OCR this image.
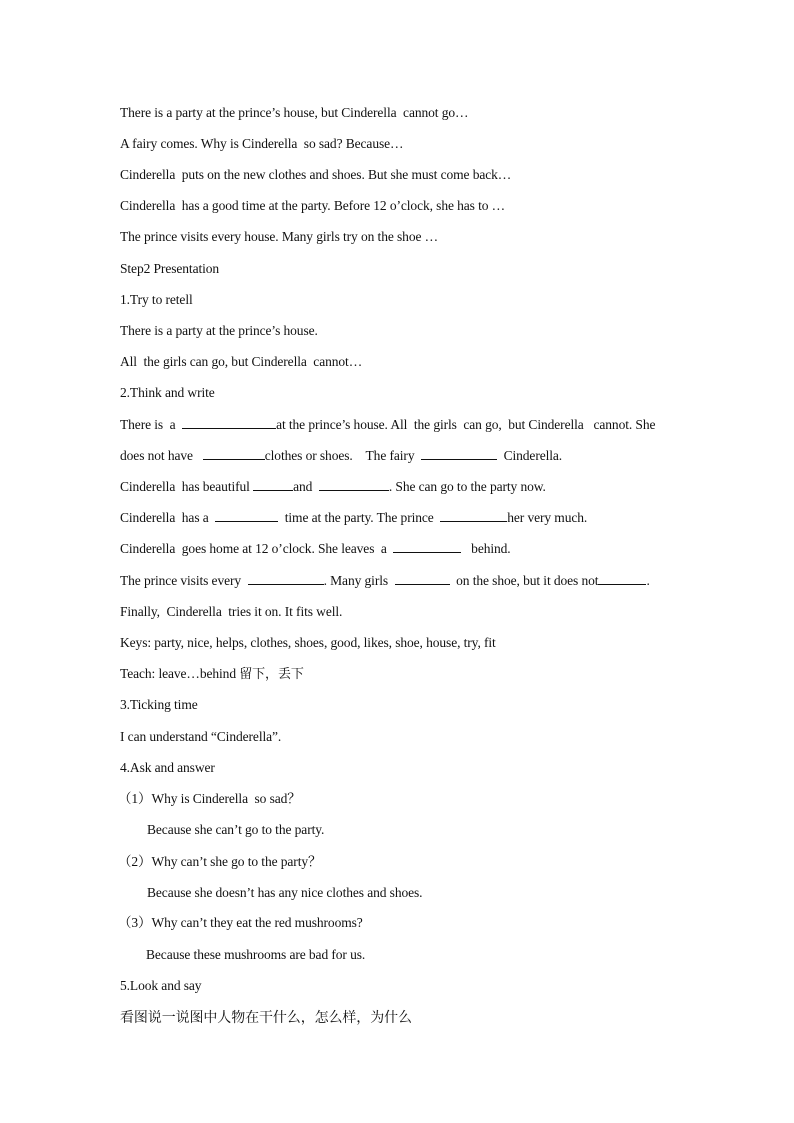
There is a party at the prince’s house, but Cinderella  cannot go…
A fairy comes. Why is Cinderella  so sad? Because…
Cinderella  puts on the new clothes and shoes. But she must come back…
Cinderella  has a good time at the party. Before 12 o’clock, she has to …
The prince visits every house. Many girls try on the shoe …
Step2 Presentation
1.Try to retell
There is a party at the prince’s house.
All  the girls can go, but Cinderella  cannot…
2.Think and write
There is  a	at the prince’s house. All  the girls  can go,  but Cinderella   cannot. She
does not have	clothes or shoes.    The fairy	Cinderella.
Cinderella  has beautiful	and	. She can go to the party now.
Cinderella  has a	time at the party. The prince	her very much.
Cinderella  goes home at 12 o’clock. She leaves  a	behind.
The prince visits every	. Many girls	on the shoe, but it does not	.
Finally,  Cinderella  tries it on. It fits well.
Keys: party, nice, helps, clothes, shoes, good, likes, shoe, house, try, fit
Teach: leave…behind 留下，丢下
3.Ticking time
I can understand “Cinderella”.
4.Ask and answer
（1）Why is Cinderella  so sad？
Because she can’t go to the party.
（2）Why can’t she go to the party？
Because she doesn’t has any nice clothes and shoes.
（3）Why can’t they eat the red mushrooms?
Because these mushrooms are bad for us.
5.Look and say
看图说一说图中人物在干什么，怎么样，为什么
